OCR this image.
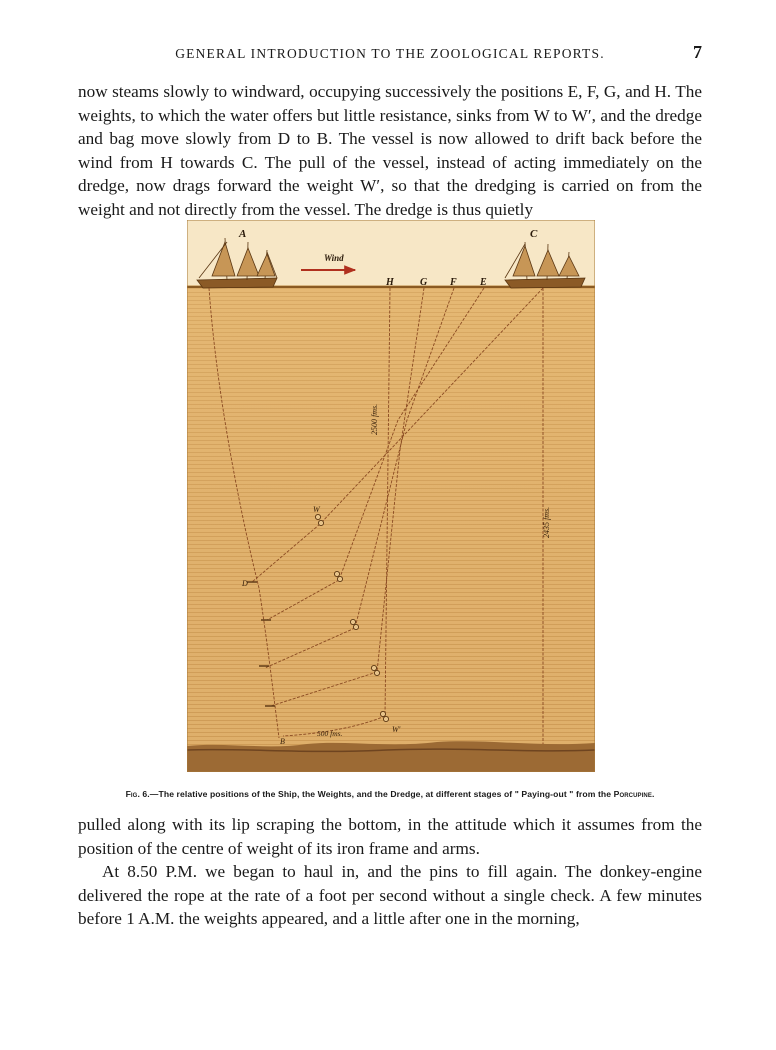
GENERAL INTRODUCTION TO THE ZOOLOGICAL REPORTS.	7

now steams slowly to windward, occupying successively the positions E, F, G, and H. The weights, to which the water offers but little resistance, sinks from W to W′, and the dredge and bag move slowly from D to B. The vessel is now allowed to drift back before the wind from H towards C. The pull of the vessel, instead of acting immediately on the dredge, now drags forward the weight W′, so that the dredging is carried on from the weight and not directly from the vessel. The dredge is thus quietly

A	C
Wind
H	G F E
W
W′
D
B
2500 fms.
2435 fms.
500 fms.
Fig. 6.—The relative positions of the Ship, the Weights, and the Dredge, at different stages of " Paying-out " from the Porcupine.

pulled along with its lip scraping the bottom, in the attitude which it assumes from the position of the centre of weight of its iron frame and arms.

At 8.50 P.M. we began to haul in, and the pins to fill again. The donkey-engine delivered the rope at the rate of a foot per second without a single check. A few minutes before 1 A.M. the weights appeared, and a little after one in the morning,
